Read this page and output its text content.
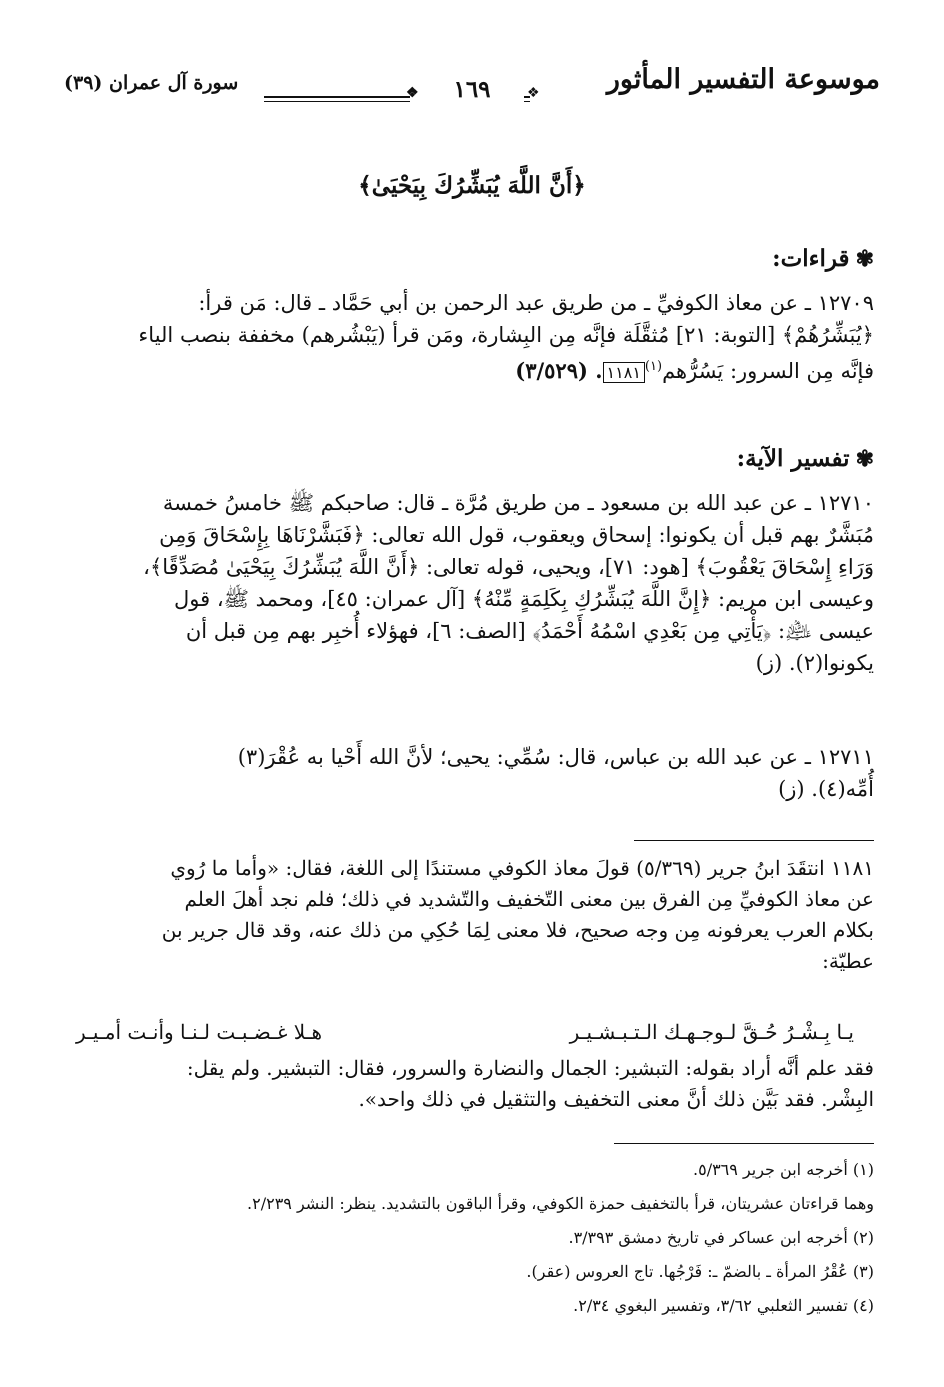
موسوعة التفسير المأثور
❖
١٦٩
❖
سورة آل عمران (٣٩)
﴿أَنَّ اللَّهَ يُبَشِّرُكَ بِيَحْيَىٰ﴾
✾قراءات:
١٢٧٠٩ ـ عن معاذ الكوفيِّ ـ من طريق عبد الرحمن بن أبي حَمَّاد ـ قال: مَن قرأ:
﴿يُبَشِّرُهُمْ﴾ [التوبة: ٢١] مُثقَّلَة فإنَّه مِن البِشارة، ومَن قرأ (يَبْشُرهم) مخففة بنصب الياء
فإنَّه مِن السرور: يَسُرُّهم$^{(١)}$١١٨١. (٣/٥٢٩)
✾تفسير الآية:
١٢٧١٠ ـ عن عبد الله بن مسعود ـ من طريق مُرَّة ـ قال: صاحبكم ﷺ خامسُ خمسة
مُبَشَّرٌ بهم قبل أن يكونوا: إسحاق ويعقوب، قول الله تعالى: ﴿فَبَشَّرْنَاهَا بِإِسْحَاقَ وَمِن
وَرَاءِ إِسْحَاقَ يَعْقُوبَ﴾ [هود: ٧١]، ويحيى، قوله تعالى: ﴿أَنَّ اللَّهَ يُبَشِّرُكَ بِيَحْيَىٰ مُصَدِّقًا﴾،
وعيسى ابن مريم: ﴿إِنَّ اللَّهَ يُبَشِّرُكِ بِكَلِمَةٍ مِّنْهُ﴾ [آل عمران: ٤٥]، ومحمد ﷺ، قول
عيسى ﵇: ﴿يَأْتِي مِن بَعْدِي اسْمُهُ أَحْمَدُ﴾ [الصف: ٦]، فهؤلاء أُخبِر بهم مِن قبل أن
يكونوا(٢). (ز)
١٢٧١١ ـ عن عبد الله بن عباس، قال: سُمِّي: يحيى؛ لأنَّ الله أَحْيا به عُقْرَ(٣)
أُمِّه(٤). (ز)
١١٨١ انتقَدَ ابنُ جرير (٥/٣٦٩) قولَ معاذ الكوفي مستندًا إلى اللغة، فقال: «وأما ما رُوي
عن معاذ الكوفيِّ مِن الفرق بين معنى التّخفيف والتّشديد في ذلك؛ فلم نجد أهلَ العلم
بكلام العرب يعرفونه مِن وجه صحيح، فلا معنى لِمَا حُكِي من ذلك عنه، وقد قال جرير بن
عطيّة:
يـا بِـشْـرُ حُـقَّ لـوجـهـك الـتـبـشـيـر
هـلا غـضـبـت لـنـا وأنـت أمـيـر
فقد علم أنَّه أراد بقوله: التبشير: الجمال والنضارة والسرور، فقال: التبشير. ولم يقل:
البِشْر. فقد بَيَّن ذلك أنَّ معنى التخفيف والتثقيل في ذلك واحد».
(١) أخرجه ابن جرير ٥/٣٦٩.
وهما قراءتان عشريتان، قرأ بالتخفيف حمزة الكوفي، وقرأ الباقون بالتشديد. ينظر: النشر ٢/٢٣٩.
(٢) أخرجه ابن عساكر في تاريخ دمشق ٣/٣٩٣.
(٣) عُقْرُ المرأة ـ بالضمّ ـ: فَرْجُها. تاج العروس (عقر).
(٤) تفسير الثعلبي ٣/٦٢، وتفسير البغوي ٢/٣٤.
